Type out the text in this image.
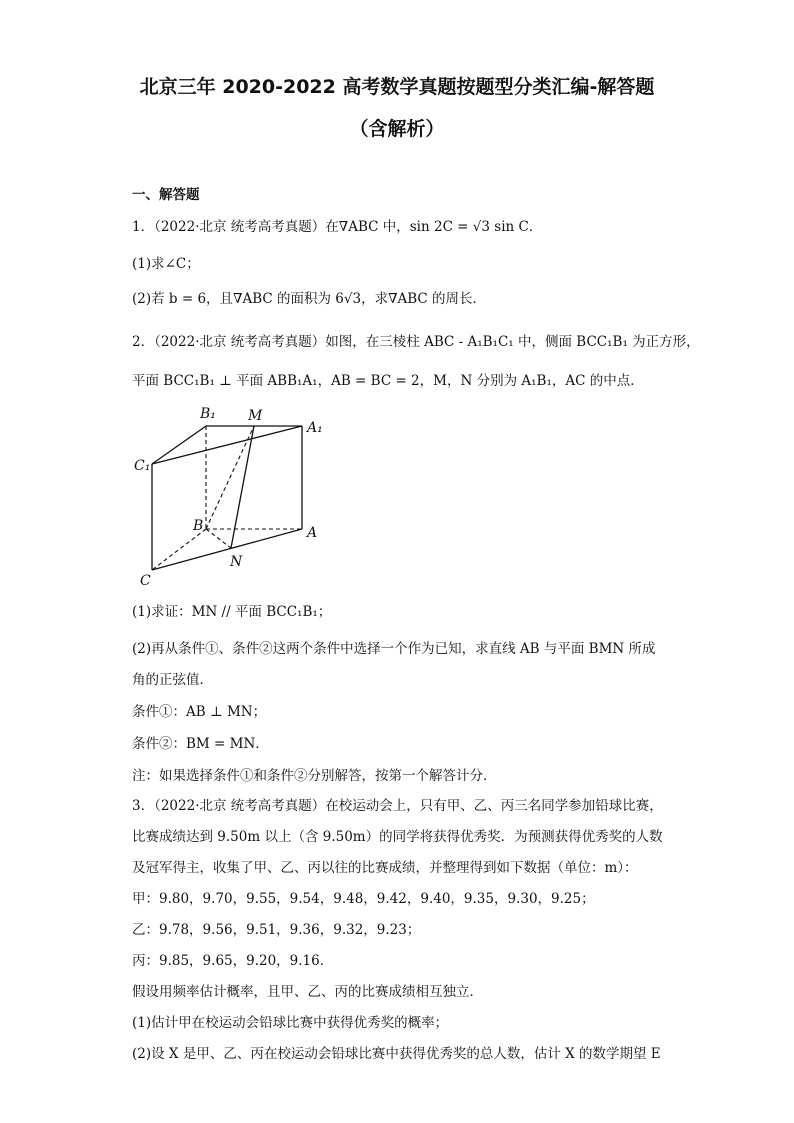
北京三年 2020-2022 高考数学真题按题型分类汇编-解答题
（含解析）
一、解答题
1．（2022·北京 统考高考真题）在∇ABC 中，sin 2C = √3 sin C．
(1)求∠C；
(2)若 b = 6，且∇ABC 的面积为 6√3，求∇ABC 的周长．
2．（2022·北京 统考高考真题）如图，在三棱柱 ABC - A₁B₁C₁ 中，侧面 BCC₁B₁ 为正方形，
平面 BCC₁B₁ ⊥ 平面 ABB₁A₁，AB = BC = 2，M，N 分别为 A₁B₁，AC 的中点．
B₁ M
A₁
C₁
B	A
N
C
(1)求证：MN // 平面 BCC₁B₁；
(2)再从条件①、条件②这两个条件中选择一个作为已知，求直线 AB 与平面 BMN 所成
角的正弦值．
条件①：AB ⊥ MN；
条件②：BM = MN．
注：如果选择条件①和条件②分别解答，按第一个解答计分．
3．（2022·北京 统考高考真题）在校运动会上，只有甲、乙、丙三名同学参加铅球比赛，
比赛成绩达到 9.50m 以上（含 9.50m）的同学将获得优秀奖．为预测获得优秀奖的人数
及冠军得主，收集了甲、乙、丙以往的比赛成绩，并整理得到如下数据（单位：m）：
甲：9.80，9.70，9.55，9.54，9.48，9.42，9.40，9.35，9.30，9.25；
乙：9.78，9.56，9.51，9.36，9.32，9.23；
丙：9.85，9.65，9.20，9.16．
假设用频率估计概率，且甲、乙、丙的比赛成绩相互独立．
(1)估计甲在校运动会铅球比赛中获得优秀奖的概率；
(2)设 X 是甲、乙、丙在校运动会铅球比赛中获得优秀奖的总人数，估计 X 的数学期望 E
